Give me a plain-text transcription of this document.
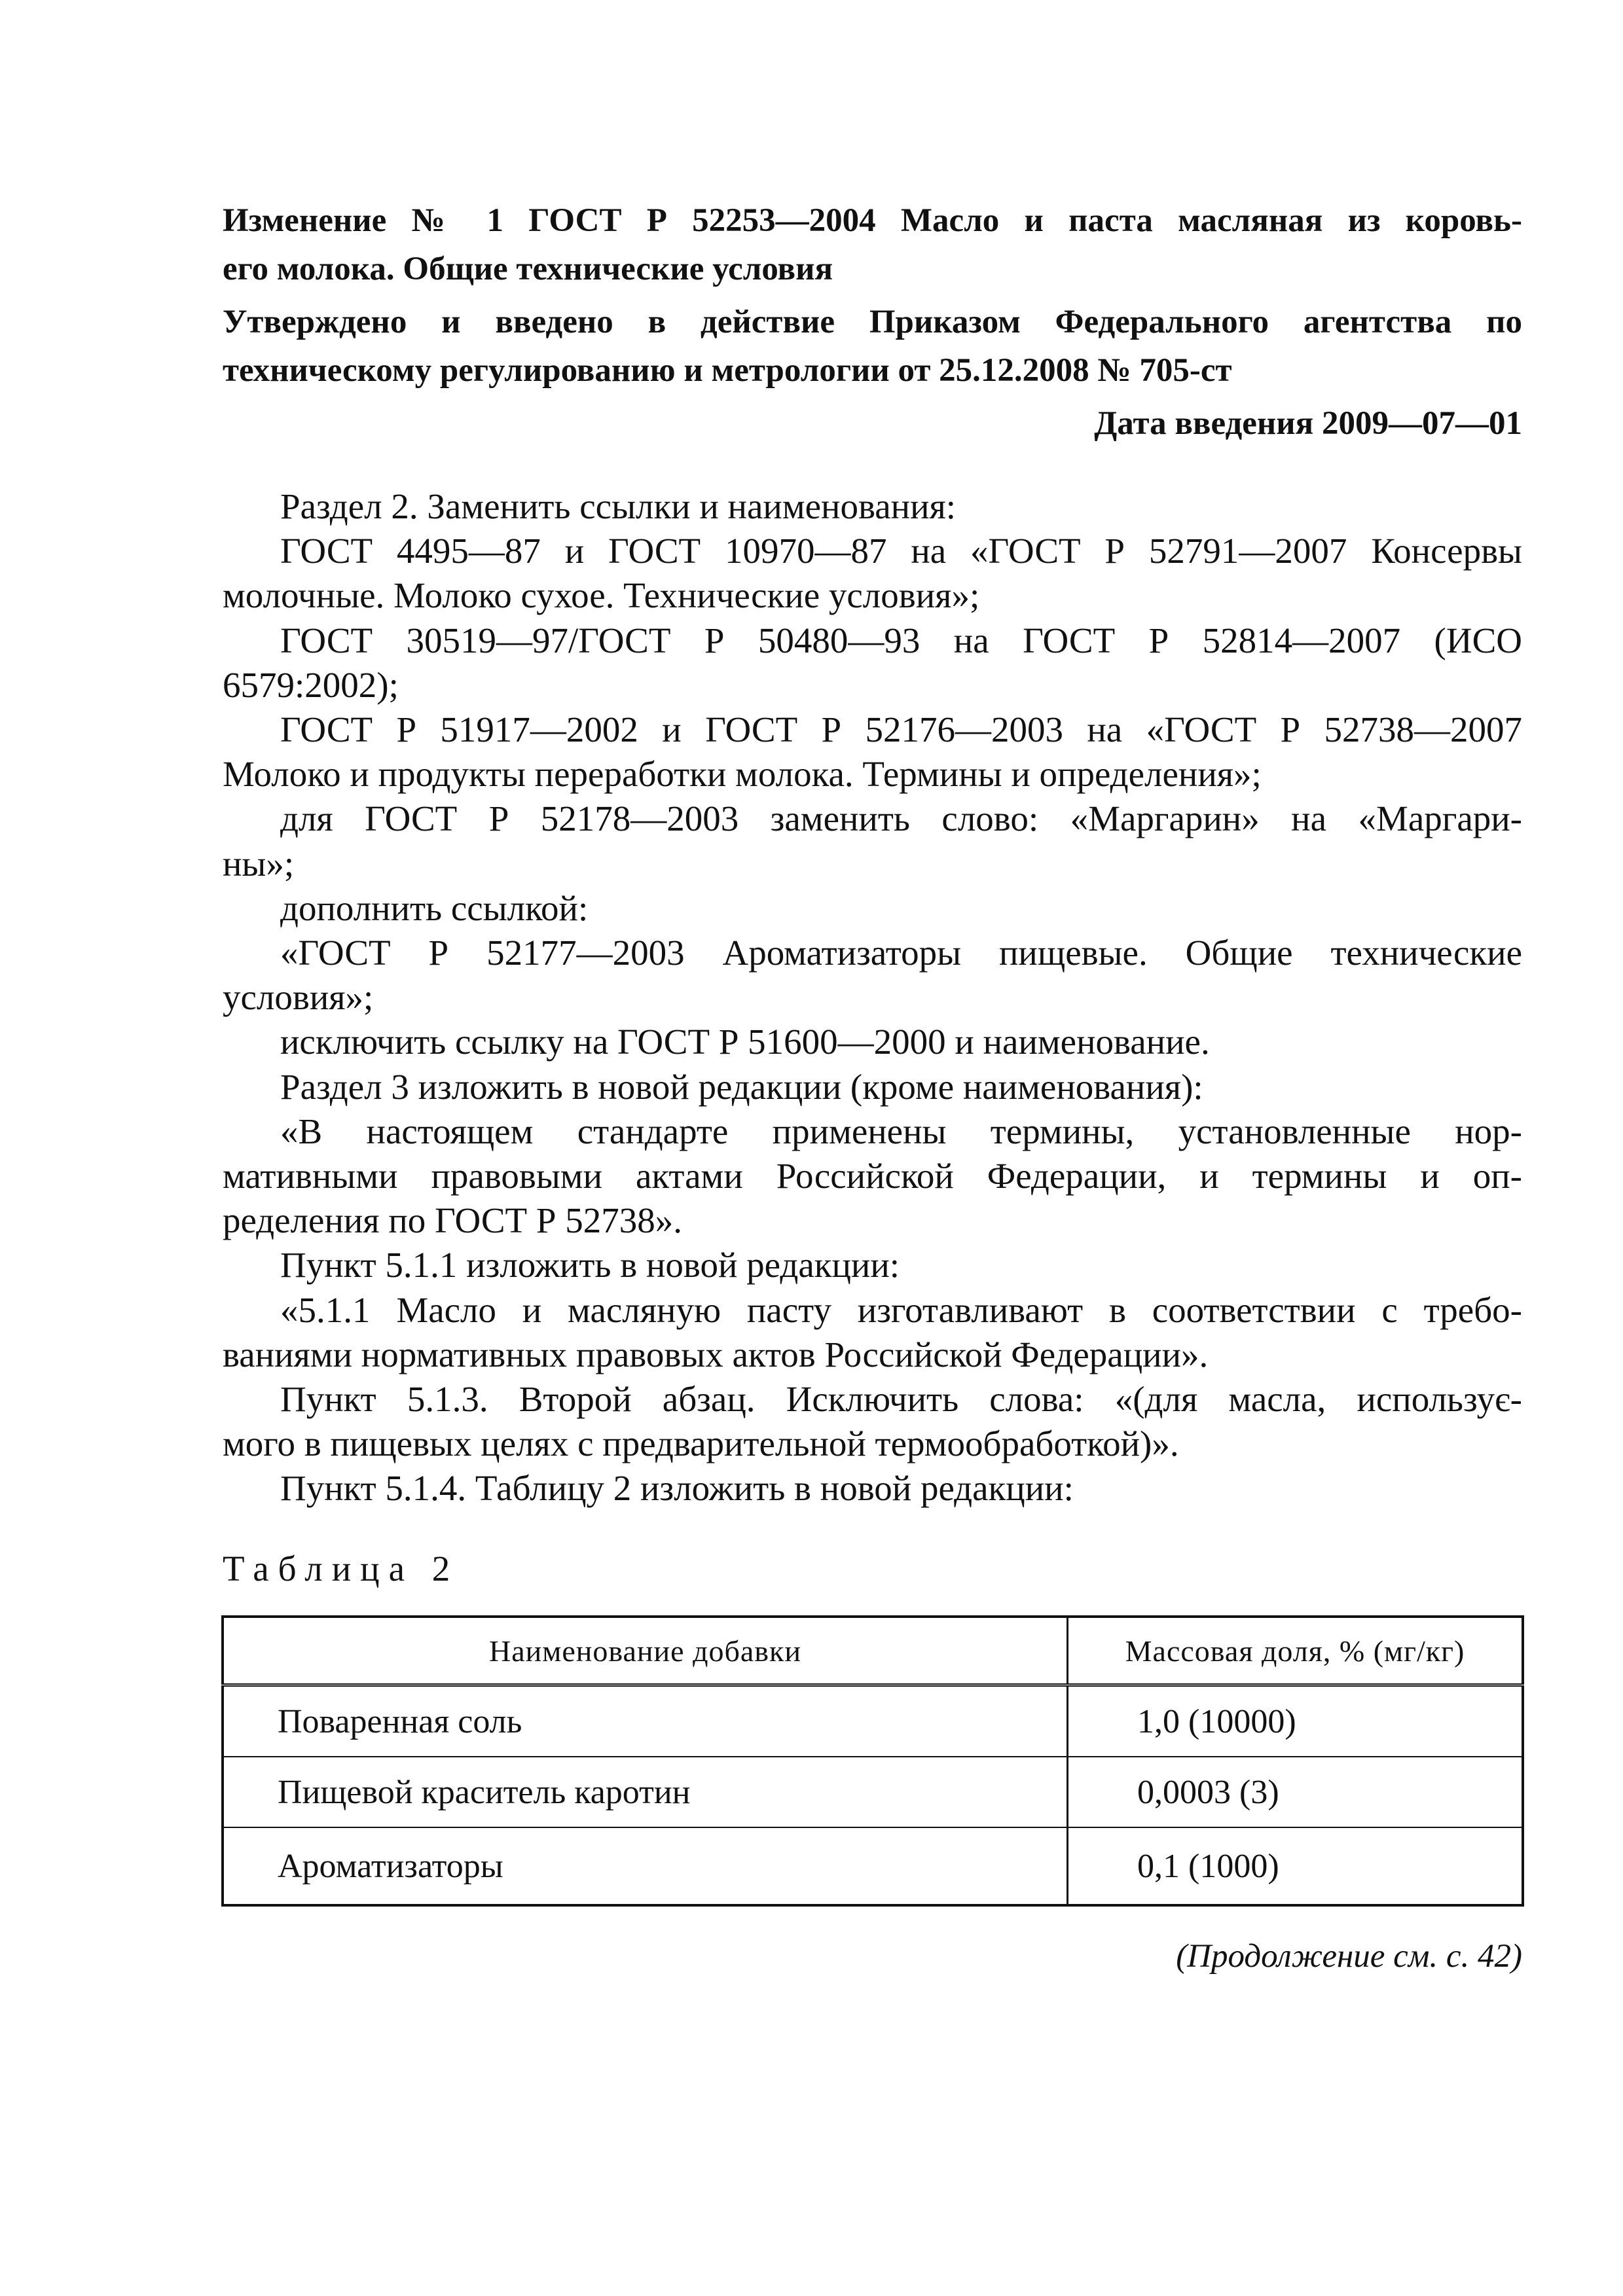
Изменение № 1 ГОСТ Р 52253—2004 Масло и паста масляная из коровь-
его молока. Общие технические условия
Утверждено и введено в действие Приказом Федерального агентства по
техническому регулированию и метрологии от 25.12.2008 № 705-ст
Дата введения 2009—07—01
Раздел 2. Заменить ссылки и наименования:
ГОСТ 4495—87 и ГОСТ 10970—87 на «ГОСТ Р 52791—2007 Консервы
молочные. Молоко сухое. Технические условия»;
ГОСТ 30519—97/ГОСТ Р 50480—93 на ГОСТ Р 52814—2007 (ИСО
6579:2002);
ГОСТ Р 51917—2002 и ГОСТ Р 52176—2003 на «ГОСТ Р 52738—2007
Молоко и продукты переработки молока. Термины и определения»;
для ГОСТ Р 52178—2003 заменить слово: «Маргарин» на «Маргари-
ны»;
дополнить ссылкой:
«ГОСТ Р 52177—2003 Ароматизаторы пищевые. Общие технические
условия»;
исключить ссылку на ГОСТ Р 51600—2000 и наименование.
Раздел 3 изложить в новой редакции (кроме наименования):
«В настоящем стандарте применены термины, установленные нор-
мативными правовыми актами Российской Федерации, и термины и оп-
ределения по ГОСТ Р 52738».
Пункт 5.1.1 изложить в новой редакции:
«5.1.1 Масло и масляную пасту изготавливают в соответствии с требо-
ваниями нормативных правовых актов Российской Федерации».
Пункт 5.1.3. Второй абзац. Исключить слова: «(для масла, использує-
мого в пищевых целях с предварительной термообработкой)».
Пункт 5.1.4. Таблицу 2 изложить в новой редакции:
Таблица 2
Наименование добавки	Массовая доля, % (мг/кг)
Поваренная соль	1,0 (10000)
Пищевой краситель каротин	0,0003 (3)
Ароматизаторы	0,1 (1000)
(Продолжение см. с. 42)
